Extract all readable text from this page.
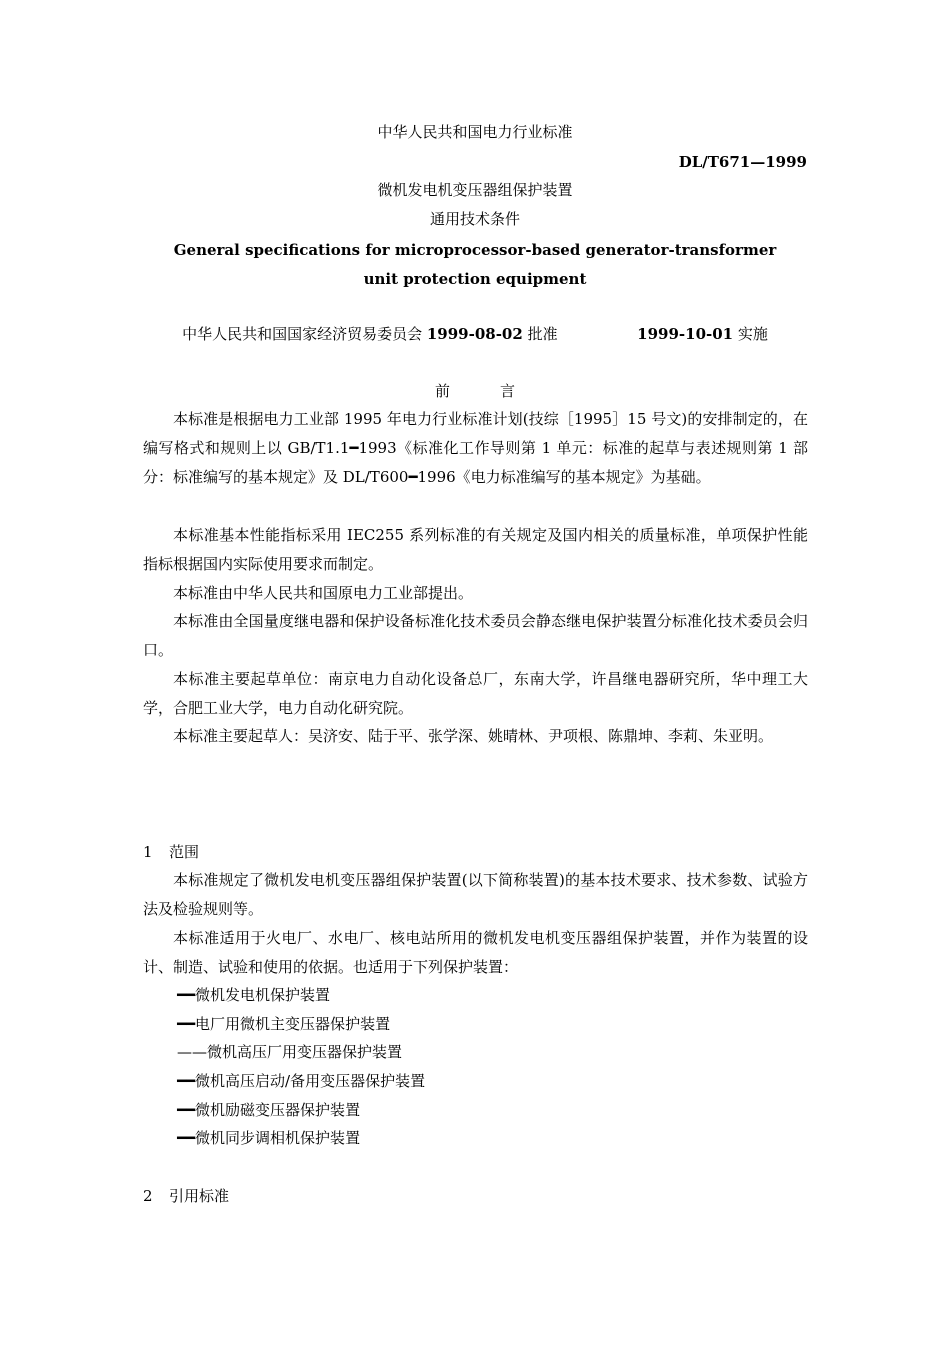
中华人民共和国电力行业标准
DL/T671—1999
微机发电机变压器组保护装置
通用技术条件
General specifications for microprocessor-based generator-transformer
unit protection equipment
中华人民共和国国家经济贸易委员会 1999-08-02 批准	1999-10-01 实施
前	言

本标准是根据电力工业部 1995 年电力行业标准计划(技综［1995］15 号文)的安排制定的，在编写格式和规则上以 GB/T1.1━1993《标准化工作导则第 1 单元：标准的起草与表述规则第 1 部分：标准编写的基本规定》及 DL/T600━1996《电力标准编写的基本规定》为基础。

本标准基本性能指标采用 IEC255 系列标准的有关规定及国内相关的质量标准，单项保护性能指标根据国内实际使用要求而制定。

本标准由中华人民共和国原电力工业部提出。

本标准由全国量度继电器和保护设备标准化技术委员会静态继电保护装置分标准化技术委员会归口。

本标准主要起草单位：南京电力自动化设备总厂，东南大学，许昌继电器研究所，华中理工大学，合肥工业大学，电力自动化研究院。

本标准主要起草人：吴济安、陆于平、张学深、姚晴林、尹项根、陈鼎坤、李莉、朱亚明。

1 范围

本标准规定了微机发电机变压器组保护装置(以下简称装置)的基本技术要求、技术参数、试验方法及检验规则等。

本标准适用于火电厂、水电厂、核电站所用的微机发电机变压器组保护装置，并作为装置的设计、制造、试验和使用的依据。也适用于下列保护装置：

━━微机发电机保护装置
━━电厂用微机主变压器保护装置
——微机高压厂用变压器保护装置
━━微机高压启动/备用变压器保护装置
━━微机励磁变压器保护装置
━━微机同步调相机保护装置
2 引用标准
